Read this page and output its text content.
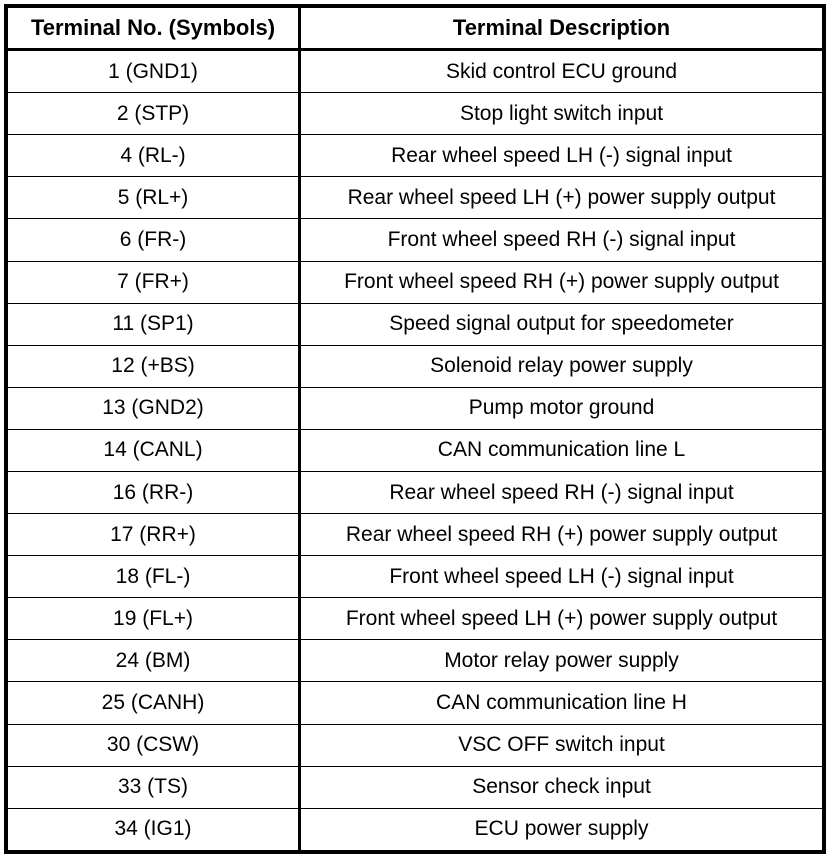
Terminal No. (Symbols)	Terminal Description
1 (GND1)	Skid control ECU ground
2 (STP)	Stop light switch input
4 (RL-)	Rear wheel speed LH (-) signal input
5 (RL+)	Rear wheel speed LH (+) power supply output
6 (FR-)	Front wheel speed RH (-) signal input
7 (FR+)	Front wheel speed RH (+) power supply output
11 (SP1)	Speed signal output for speedometer
12 (+BS)	Solenoid relay power supply
13 (GND2)	Pump motor ground
14 (CANL)	CAN communication line L
16 (RR-)	Rear wheel speed RH (-) signal input
17 (RR+)	Rear wheel speed RH (+) power supply output
18 (FL-)	Front wheel speed LH (-) signal input
19 (FL+)	Front wheel speed LH (+) power supply output
24 (BM)	Motor relay power supply
25 (CANH)	CAN communication line H
30 (CSW)	VSC OFF switch input
33 (TS)	Sensor check input
34 (IG1)	ECU power supply
